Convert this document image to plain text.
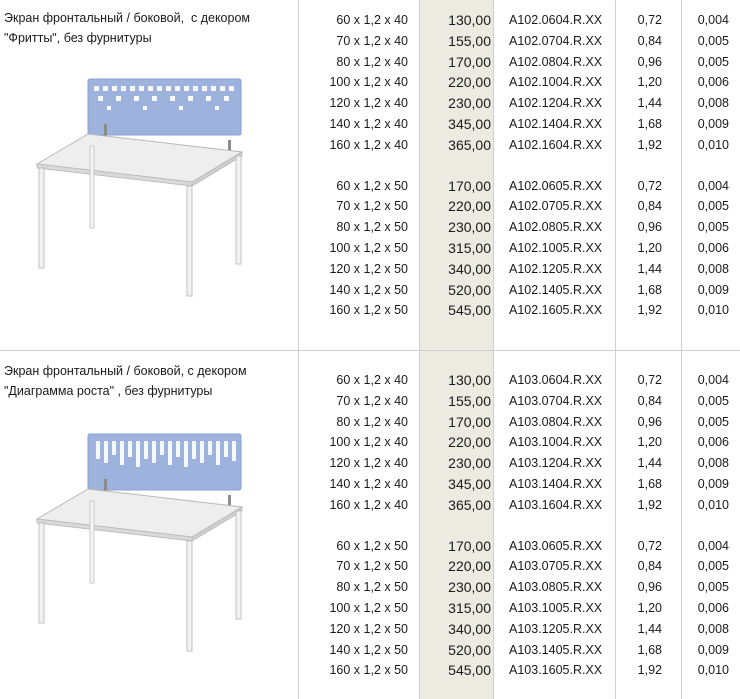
Экран фронтальный / боковой,  с декором
"Фритты", без фурнитуры
60 x 1,2 x 40	130,00 A102.0604.R.XX	0,72	0,004
70 x 1,2 x 40	155,00 A102.0704.R.XX	0,84	0,005
80 x 1,2 x 40	170,00 A102.0804.R.XX	0,96	0,005
100 x 1,2 x 40	220,00 A102.1004.R.XX	1,20	0,006
120 x 1,2 x 40	230,00 A102.1204.R.XX	1,44	0,008
140 x 1,2 x 40	345,00 A102.1404.R.XX	1,68	0,009
160 x 1,2 x 40	365,00 A102.1604.R.XX	1,92	0,010
60 x 1,2 x 50	170,00 A102.0605.R.XX	0,72	0,004
70 x 1,2 x 50	220,00 A102.0705.R.XX	0,84	0,005
80 x 1,2 x 50	230,00 A102.0805.R.XX	0,96	0,005
100 x 1,2 x 50	315,00 A102.1005.R.XX	1,20	0,006
120 x 1,2 x 50	340,00 A102.1205.R.XX	1,44	0,008
140 x 1,2 x 50	520,00 A102.1405.R.XX	1,68	0,009
160 x 1,2 x 50	545,00 A102.1605.R.XX	1,92	0,010
Экран фронтальный / боковой, с декором
"Диаграмма роста" , без фурнитуры
60 x 1,2 x 40	130,00 A103.0604.R.XX	0,72	0,004
70 x 1,2 x 40	155,00 A103.0704.R.XX	0,84	0,005
80 x 1,2 x 40	170,00 A103.0804.R.XX	0,96	0,005
100 x 1,2 x 40	220,00 A103.1004.R.XX	1,20	0,006
120 x 1,2 x 40	230,00 A103.1204.R.XX	1,44	0,008
140 x 1,2 x 40	345,00 A103.1404.R.XX	1,68	0,009
160 x 1,2 x 40	365,00 A103.1604.R.XX	1,92	0,010
60 x 1,2 x 50	170,00 A103.0605.R.XX	0,72	0,004
70 x 1,2 x 50	220,00 A103.0705.R.XX	0,84	0,005
80 x 1,2 x 50	230,00 A103.0805.R.XX	0,96	0,005
100 x 1,2 x 50	315,00 A103.1005.R.XX	1,20	0,006
120 x 1,2 x 50	340,00 A103.1205.R.XX	1,44	0,008
140 x 1,2 x 50	520,00 A103.1405.R.XX	1,68	0,009
160 x 1,2 x 50	545,00 A103.1605.R.XX	1,92	0,010
